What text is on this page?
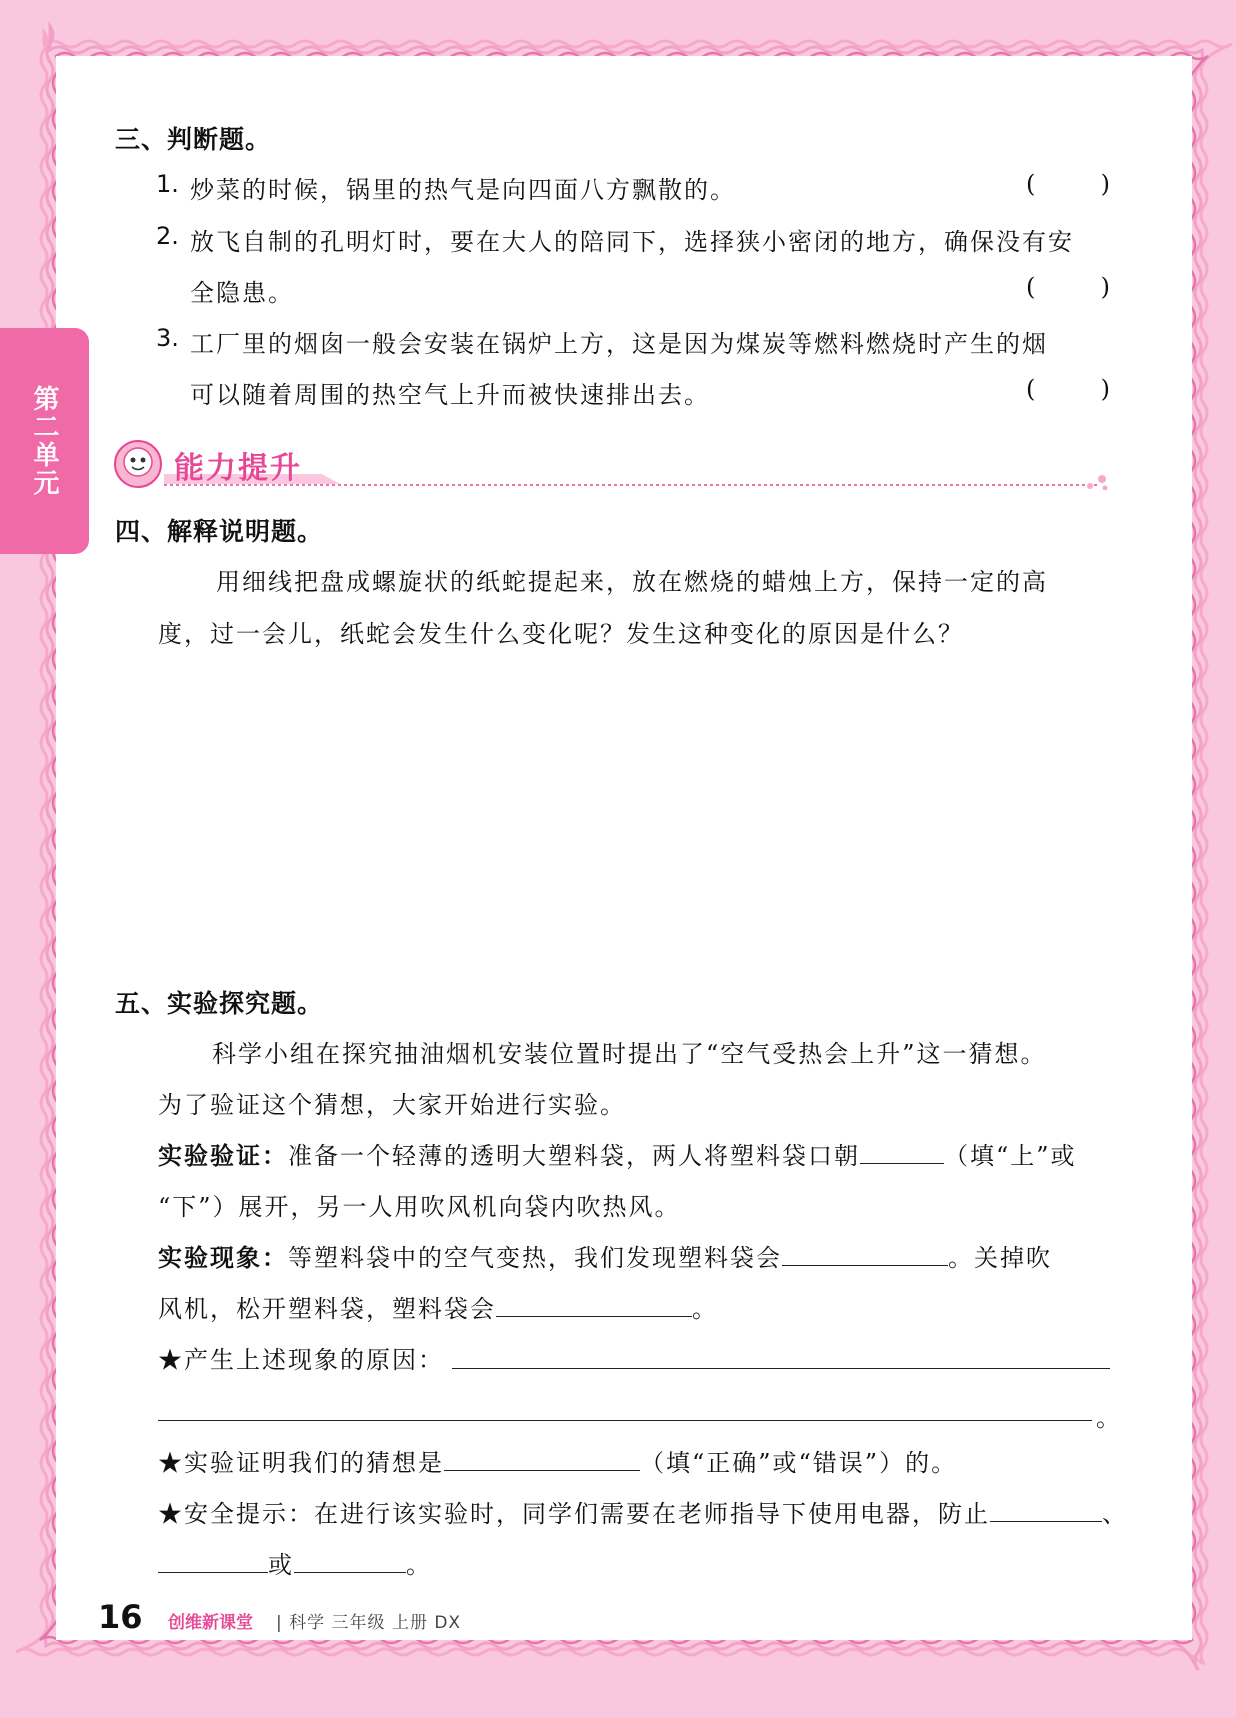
第二单元
三、判断题。
1. 炒菜的时候，锅里的热气是向四面八方飘散的。	(	)
2. 放飞自制的孔明灯时，要在大人的陪同下，选择狭小密闭的地方，确保没有安
全隐患。	(	)
3. 工厂里的烟囱一般会安装在锅炉上方，这是因为煤炭等燃料燃烧时产生的烟
可以随着周围的热空气上升而被快速排出去。	(	)
能力提升
四、解释说明题。
用细线把盘成螺旋状的纸蛇提起来，放在燃烧的蜡烛上方，保持一定的高
度，过一会儿，纸蛇会发生什么变化呢？发生这种变化的原因是什么？
五、实验探究题。
科学小组在探究抽油烟机安装位置时提出了“空气受热会上升”这一猜想。
为了验证这个猜想，大家开始进行实验。
实验验证：准备一个轻薄的透明大塑料袋，两人将塑料袋口朝	（填“上”或
“下”）展开，另一人用吹风机向袋内吹热风。
实验现象：等塑料袋中的空气变热，我们发现塑料袋会	。关掉吹
风机，松开塑料袋，塑料袋会	。
★产生上述现象的原因：
。
★实验证明我们的猜想是	（填“正确”或“错误”）的。
★安全提示：在进行该实验时，同学们需要在老师指导下使用电器，防止	、
或	。
16 创维新课堂 | 科学 三年级 上册 DX
